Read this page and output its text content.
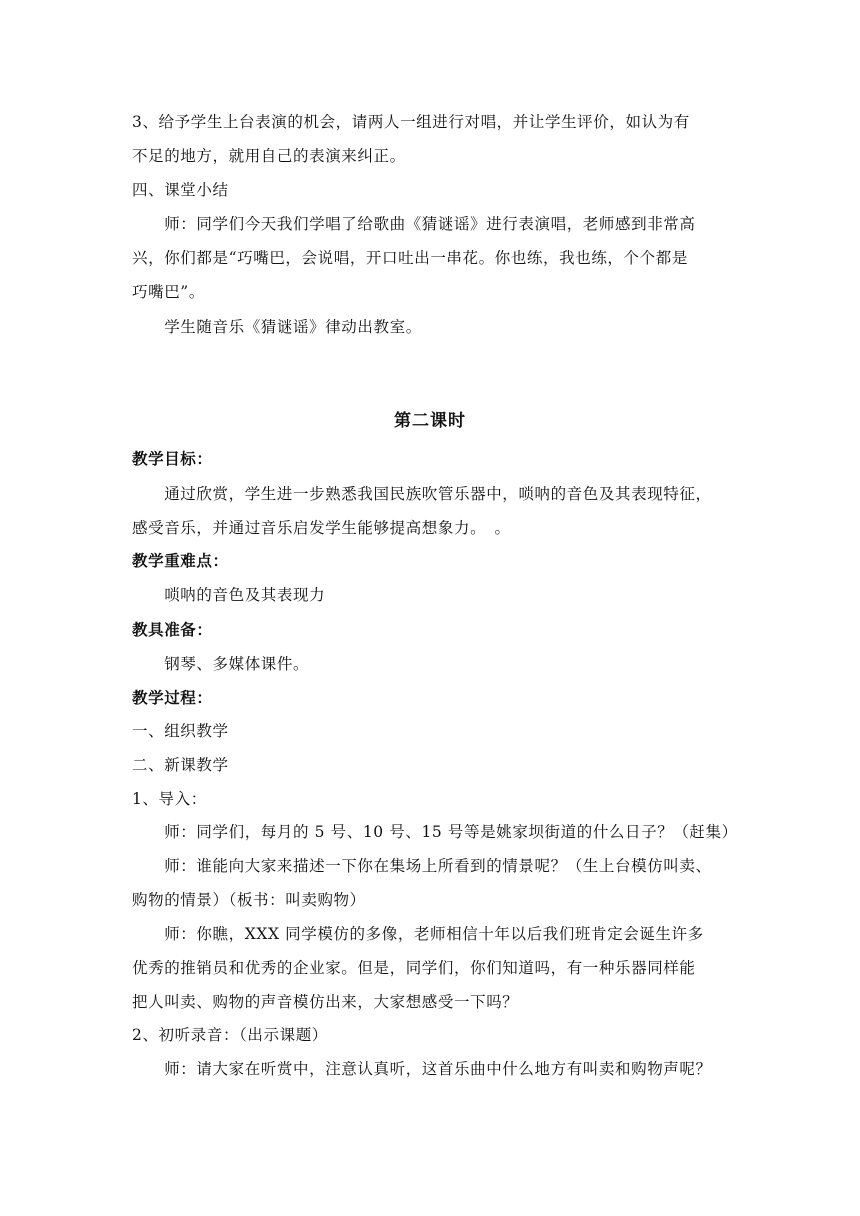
3、给予学生上台表演的机会，请两人一组进行对唱，并让学生评价，如认为有
不足的地方，就用自己的表演来纠正。
四、课堂小结
　　师：同学们今天我们学唱了给歌曲《猜谜谣》进行表演唱，老师感到非常高
兴，你们都是“巧嘴巴，会说唱，开口吐出一串花。你也练，我也练，个个都是
巧嘴巴”。
　　学生随音乐《猜谜谣》律动出教室。
第二课时
教学目标：
　　通过欣赏，学生进一步熟悉我国民族吹管乐器中，唢呐的音色及其表现特征，
感受音乐，并通过音乐启发学生能够提高想象力。　。
教学重难点：
　　唢呐的音色及其表现力
教具准备：
　　钢琴、多媒体课件。
教学过程：
一、组织教学
二、新课教学
1、导入：
　　师：同学们，每月的 5 号、10 号、15 号等是姚家坝街道的什么日子？（赶集）
　　师：谁能向大家来描述一下你在集场上所看到的情景呢？（生上台模仿叫卖、
购物的情景）（板书：叫卖购物）
　　师：你瞧，XXX 同学模仿的多像，老师相信十年以后我们班肯定会诞生许多
优秀的推销员和优秀的企业家。但是，同学们，你们知道吗，有一种乐器同样能
把人叫卖、购物的声音模仿出来，大家想感受一下吗？
2、初听录音：（出示课题）
　　师：请大家在听赏中，注意认真听，这首乐曲中什么地方有叫卖和购物声呢？
